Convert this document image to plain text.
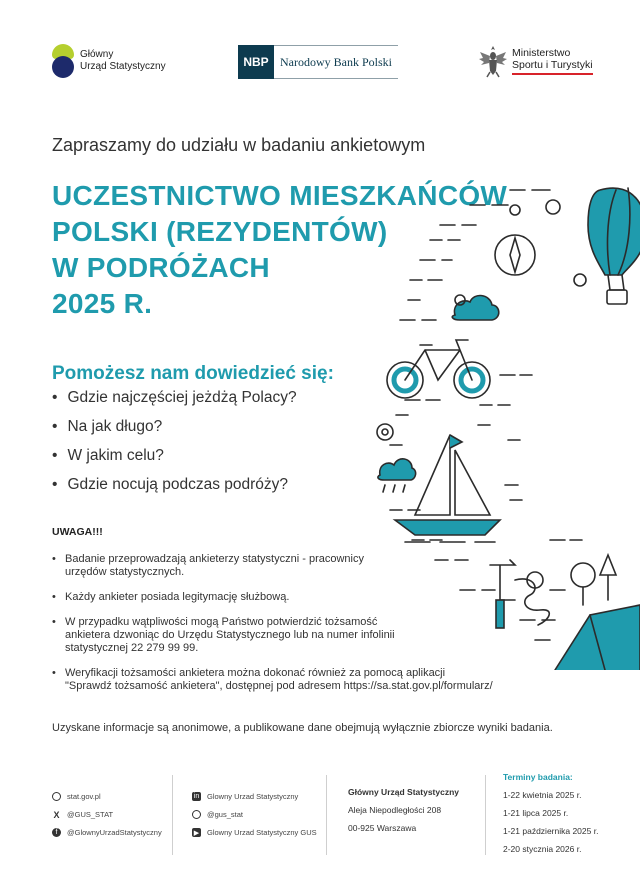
Główny
Urząd Statystyczny	NBP Narodowy Bank Polski
Ministerstwo
Sportu i Turystyki
Zapraszamy do udziału w badaniu ankietowym
UCZESTNICTWO MIESZKAŃCÓW
POLSKI (REZYDENTÓW)
W PODRÓŻACH
2025 R.
Pomożesz nam dowiedzieć się:
• Gdzie najczęściej jeżdżą Polacy?
• Na jak długo?
• W jakim celu?
• Gdzie nocują podczas podróży?
UWAGA!!!
• Badanie przeprowadzają ankieterzy statystyczni - pracownicy
urzędów statystycznych.
• Każdy ankieter posiada legitymację służbową.
• W przypadku wątpliwości mogą Państwo potwierdzić tożsamość
ankietera dzwoniąc do Urzędu Statystycznego lub na numer infolinii
statystycznej 22 279 99 99.
• Weryfikacji tożsamości ankietera można dokonać również za pomocą aplikacji
"Sprawdź tożsamość ankietera", dostępnej pod adresem https://sa.stat.gov.pl/formularz/
Uzyskane informacje są anonimowe, a publikowane dane obejmują wyłącznie zbiorcze wyniki badania.
stat.gov.pl
X @GUS_STAT
f	@GlownyUrzadStatystyczny
in Glowny Urzad Statystyczny
@gus_stat
▶ Glowny Urzad Statystyczny GUS
Główny Urząd Statystyczny
Aleja Niepodległości 208
00-925 Warszawa
Terminy badania:
1-22 kwietnia 2025 r.
1-21 lipca 2025 r.
1-21 października 2025 r.
2-20 stycznia 2026 r.
